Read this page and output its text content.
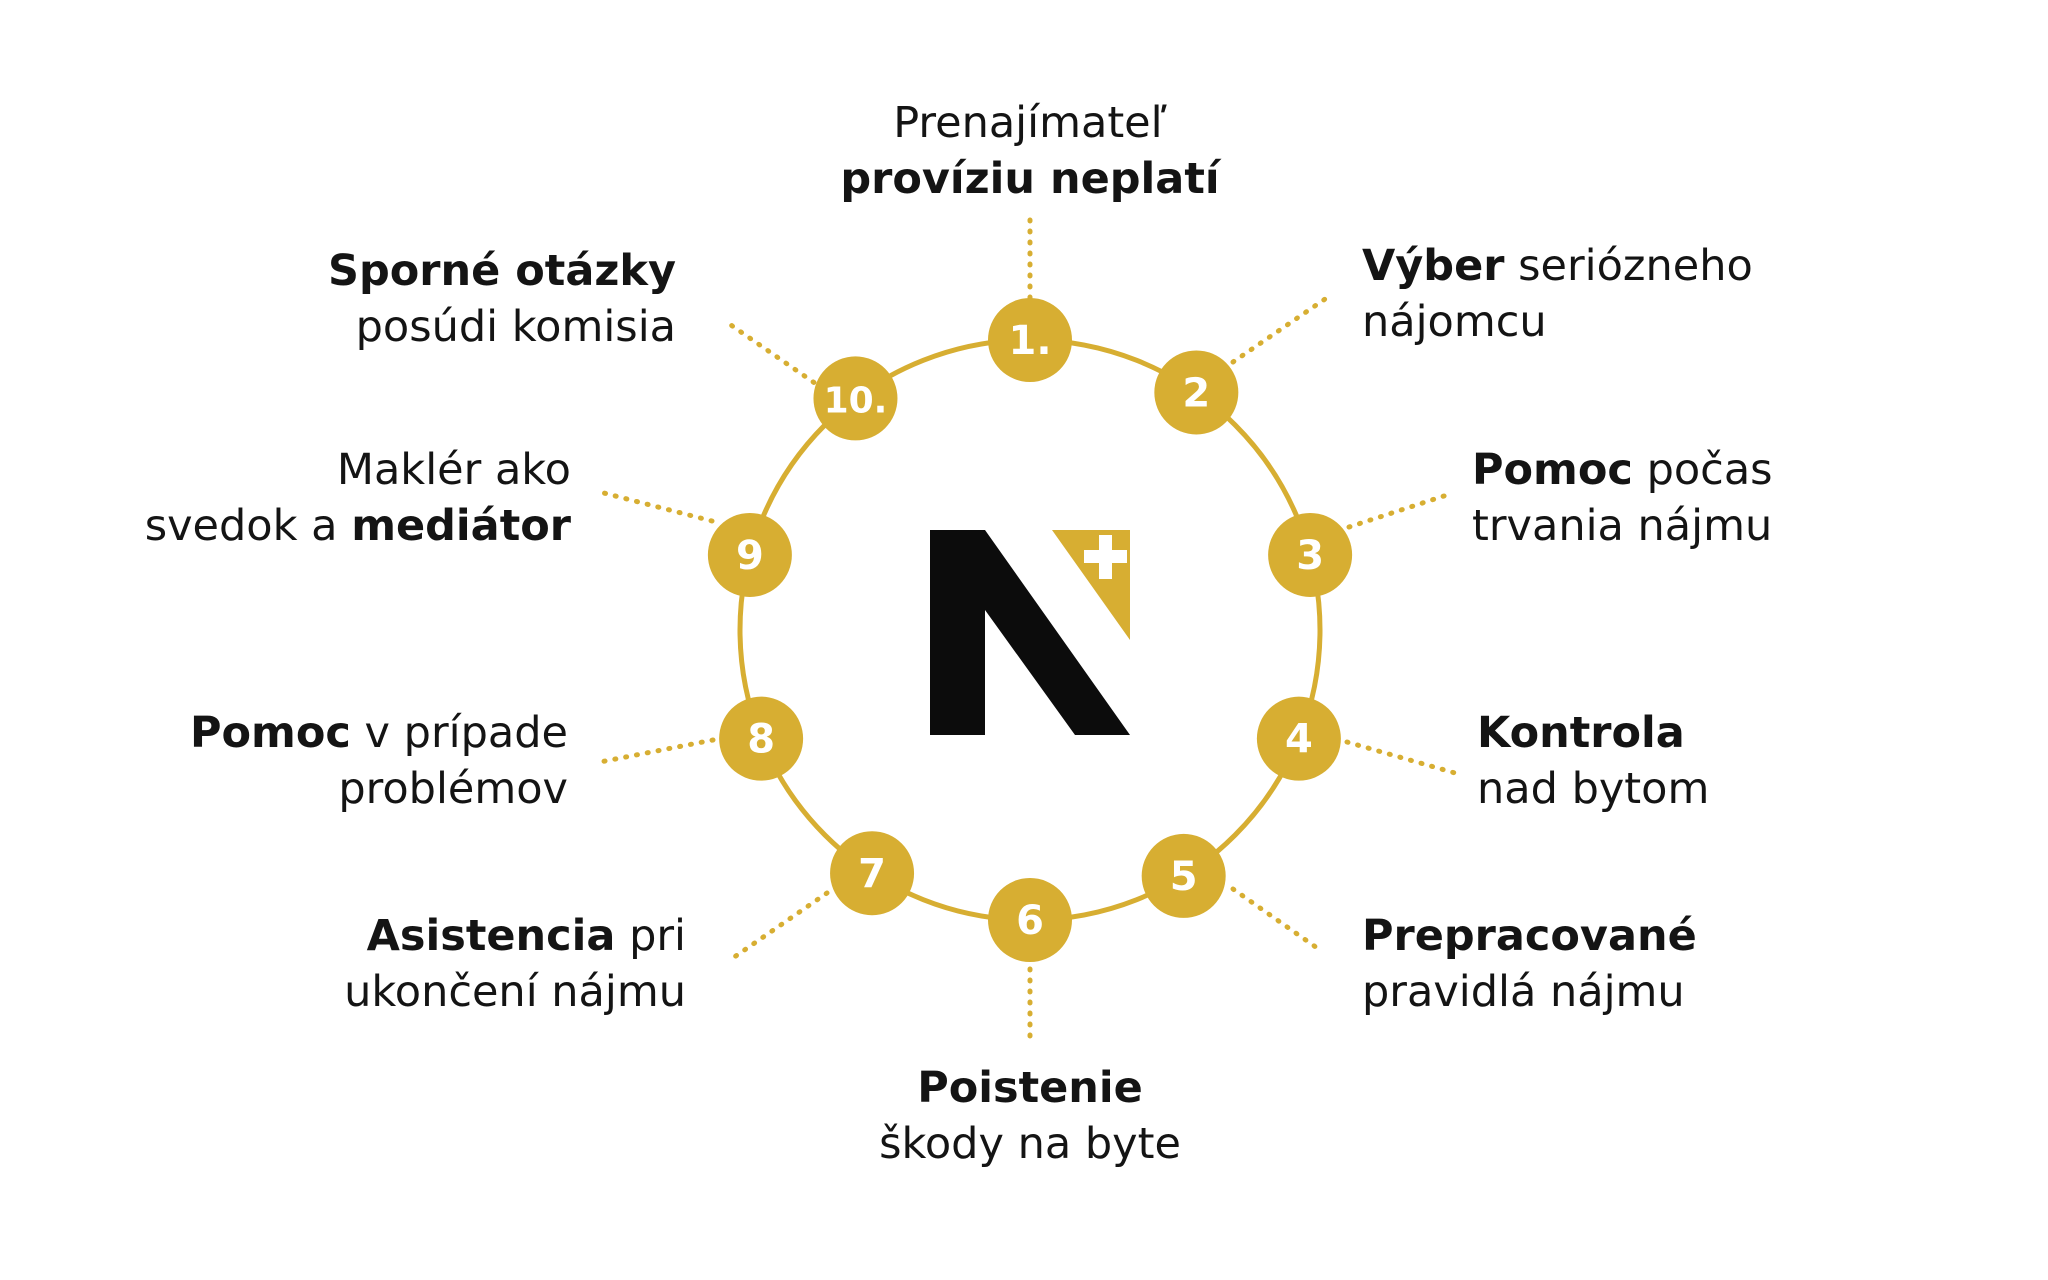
1.
2
3
4
5
6
7
8
9
10.
Prenajímateľ
províziu neplatí
Výber seriózneho
nájomcu
Pomoc počas
trvania nájmu
Kontrola
nad bytom
Prepracované
pravidlá nájmu
Poistenie
škody na byte
Asistencia pri
ukončení nájmu
Pomoc v prípade
problémov
Maklér ako
svedok a mediátor
Sporné otázky
posúdi komisia
